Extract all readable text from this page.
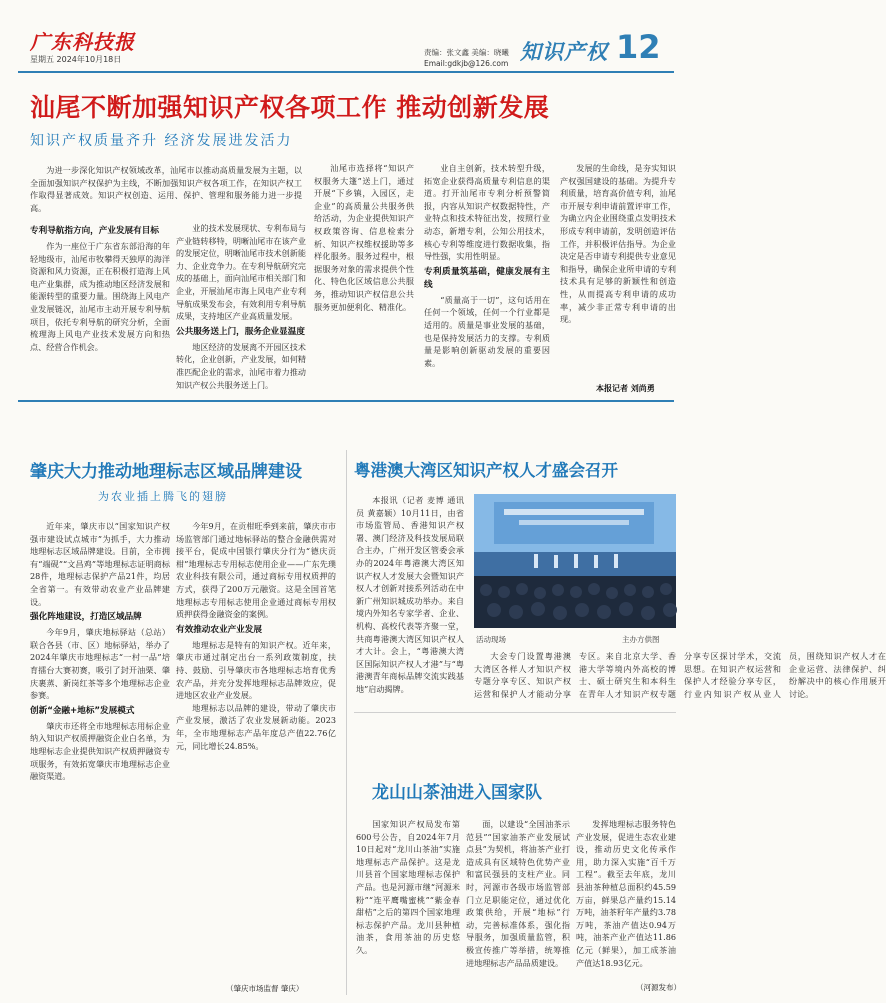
广东科技报
星期五 2024年10月18日
责编：张文鑫 美编：晓曦
Email:gdkjb@126.com 知识产权 12
汕尾不断加强知识产权各项工作 推动创新发展
知识产权质量齐升 经济发展进发活力

为进一步深化知识产权领域改革，汕尾市以推动高质量发展为主题，以全面加强知识产权保护为主线，不断加强知识产权各项工作，在知识产权工作取得显著成效。知识产权创造、运用、保护、管理和服务能力进一步提高。

专利导航指方向，产业发展有目标

作为一座位于广东省东部沿海的年轻地级市，汕尾市牧攀得天独厚的海洋资源和风力资源，正在积极打造海上风电产业集群，成为推动地区经济发展和能源转型的重要力量。围绕海上风电产业发展链况，汕尾市主动开展专利导航项目，依托专利导航的研究分析，全面梳理海上风电产业技术发展方向和热点、经营合作机会。

业的技术发展现状、专利布局与产业链转移特，明晰汕尾市在该产业的发展定位，明晰汕尾市技术创新能力、企业竞争力。在专利导航研究完成的基础上，面向汕尾市相关部门和企业，开展汕尾市海上风电产业专利导航成果发布会，有效利用专利导航成果，支持地区产业高质量发展。

公共服务送上门，服务企业显温度

地区经济的发展离不开园区技术转化，企业创新，产业发展，如何精准匹配企业的需求，汕尾市着力推动知识产权公共服务送上门。

汕尾市选择将“知识产权服务大篷”送上门，通过开展“下乡镇，入园区，走企业”的高质量公共服务供给活动，为企业提供知识产权政策咨询、信息检索分析、知识产权维权援助等多样化服务。服务过程中，根据服务对象的需求提供个性化、特色化区域信息公共服务，推动知识产权信息公共服务更加便利化、精准化。

业自主创新，技术转型升级，拓宽企业获得高质量专利信息的渠道。打开汕尾市专利分析预警简报，内容从知识产权数据特性，产业特点和技术特征出发，按照行业动态，新增专利，公知公用技术，核心专利等维度进行数据收集，指导性强，实用性明显。

专利质量筑基础，健康发展有主线

“质量高于一切”，这句话用在任何一个领域，任何一个行业都是适用的。质量是事业发展的基础，也是保持发展活力的支撑。专利质量是影响创新驱动发展的重要因素。

发展的生命线，是夯实知识产权强国建设的基础。为提升专利质量，培育高价值专利，汕尾市开展专利申请前置评审工作，为确立内企业围绕重点发明技术形成专利申请前，发明创造评估工作，并积极评估指导。为企业决定是否申请专利提供专业意见和指导，确保企业所申请的专利技术具有足够的新颖性和创造性，从而提高专利申请的成功率，减少非正常专利申请的出现。

本报记者 刘尚勇
肇庆大力推动地理标志区域品牌建设
为农业插上腾飞的翅膀

近年来，肇庆市以“国家知识产权强市建设试点城市”为抓手，大力推动地理标志区域品牌建设。目前，全市拥有“端砚”“文昌鸡”等地理标志证明商标28件，地理标志保护产品21件，均居全省第一。有效带动农业产业品牌建设。

强化阵地建设，打造区域品牌

今年9月，肇庆地标驿站（总站）联合各县（市、区）地标驿站，举办了2024年肇庆市地理标志“一村一品”培育擂台大赛初赛，吸引了封开油栗、肇庆裹蒸、新岗红茶等多个地理标志企业参赛。

创新“金融+地标”发展模式

肇庆市还将全市地理标志用标企业纳入知识产权质押融资企业白名单，为地理标志企业提供知识产权质押融资专项服务，有效拓宽肇庆市地理标志企业融资渠道。

今年9月，在贡柑旺季到来前，肇庆市市场监管部门通过地标驿站的整合金融供需对接平台，促成中国银行肇庆分行为“德庆贡柑”地理标志专用标志使用企业——广东先璞农业科技有限公司，通过商标专用权质押的方式，获得了200万元融资。这是全国首笔地理标志专用标志使用企业通过商标专用权质押获得金融资金的案例。

有效推动农业产业发展

地理标志是特有的知识产权。近年来，肇庆市通过制定出台一系列政策制度，扶持、鼓励、引导肇庆市各地理标志培育优秀农产品，并充分发挥地理标志品牌效应，促进地区农业产业发展。

地理标志以品牌的建设，带动了肇庆市产业发展，激活了农业发展新动能。2023年，全市地理标志产品年度总产值22.76亿元，同比增长24.85%。

（肇庆市场监督 肇庆）
粤港澳大湾区知识产权人才盛会召开

本报讯（记者 麦博 通讯员 黄嘉颖）10月11日，由省市场监管局、香港知识产权署、澳门经济及科技发展局联合主办，广州开发区管委会承办的2024年粤港澳大湾区知识产权人才发展大会暨知识产权人才创新对接系列活动在中新广州知识城成功举办。来自境内外知名专家学者、企业、机构、高校代表等齐聚一堂，共商粤港澳大湾区知识产权人才大计。会上，“粤港澳大湾区国际知识产权人才港”与“粤港澳青年商标品牌交流实践基地”启动揭牌。

活动现场	主办方供图

大会专门设置粤港澳大湾区各样人才知识产权专题分享专区、知识产权运营和保护人才能动分享专区。来自北京大学、香港大学等境内外高校的博士、硕士研究生和本科生在青年人才知识产权专题分享专区探讨学术，交流思想。在知识产权运营和保护人才经验分享专区，行业内知识产权从业人员，围绕知识产权人才在企业运营、法律保护、纠纷解决中的核心作用展开讨论。

龙山山茶油进入国家队

国家知识产权局发布第600号公告，自2024年7月10日起对“龙川山茶油”实施地理标志产品保护。这是龙川县首个国家地理标志保护产品。也是河源市继“河源米粉”“连平鹰嘴蜜桃”“紫金春甜桔”之后的第四个国家地理标志保护产品。龙川县种植油茶，食用茶油的历史悠久。

面，以建设“全国油茶示范县”“国家油茶产业发展试点县”为契机，将油茶产业打造成具有区域特色优势产业和富民强县的支柱产业。同时，河源市各级市场监管部门立足职能定位，通过优化政策供给，开展“地标”行动，完善标准体系，强化指导服务，加强质量监管，积极宣传推广等举措，统筹推进地理标志产品品质建设。

发挥地理标志服务特色产业发展，促进生态农业建设，推动历史文化传承作用，助力深入实施“百千万工程”。截至去年底，龙川县油茶种植总面积约45.59万亩，鲜果总产量约15.14万吨，油茶籽年产量约3.78万吨，茶油产值达0.94万吨，油茶产业产值达11.86亿元（鲜果），加工成茶油产值达18.93亿元。

（河源发布）
